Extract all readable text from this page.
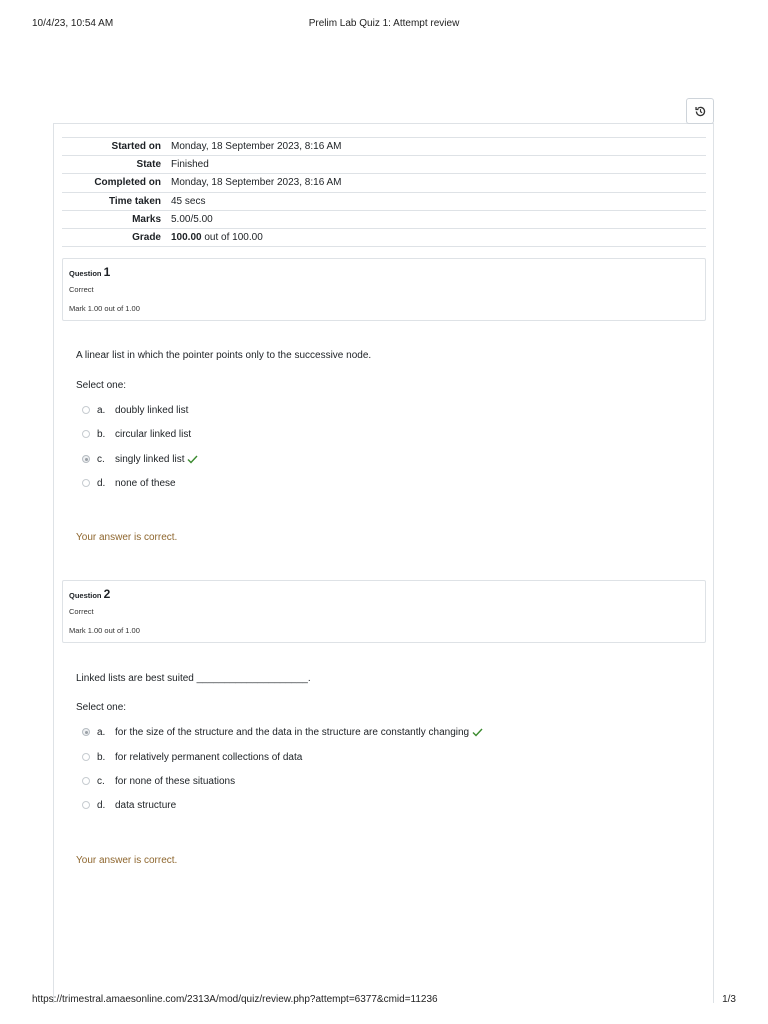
10/4/23, 10:54 AM	Prelim Lab Quiz 1: Attempt review
Started on	Monday, 18 September 2023, 8:16 AM
State	Finished
Completed on	Monday, 18 September 2023, 8:16 AM
Time taken	45 secs
Marks	5.00/5.00
Grade	100.00 out of 100.00
Question 1
Correct
Mark 1.00 out of 1.00
A linear list in which the pointer points only to the successive node.
Select one:
a. doubly linked list
b. circular linked list
c.	singly linked list
d. none of these
Your answer is correct.
Question 2
Correct
Mark 1.00 out of 1.00
Linked lists are best suited ____________________.
Select one:
a. for the size of the structure and the data in the structure are constantly changing
b. for relatively permanent collections of data
c.	for none of these situations
d. data structure
Your answer is correct.
https://trimestral.amaesonline.com/2313A/mod/quiz/review.php?attempt=6377&cmid=11236	1/3
